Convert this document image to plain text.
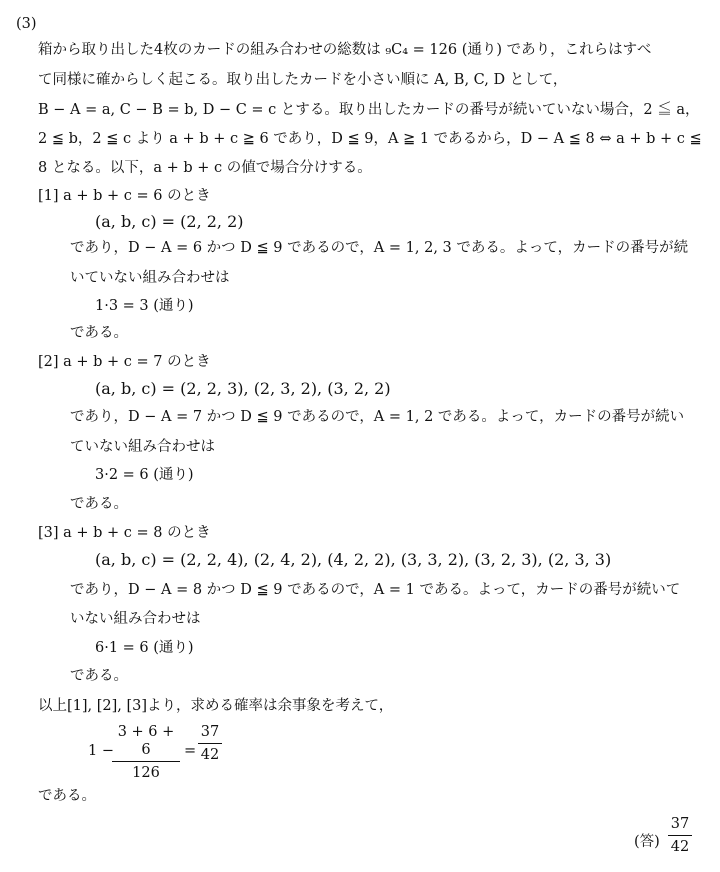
(3)
箱から取り出した4枚のカードの組み合わせの総数は ₉C₄ = 126 (通り) であり，これらはすべ
て同様に確からしく起こる。取り出したカードを小さい順に A, B, C, D として，
B − A = a, C − B = b, D − C = c とする。取り出したカードの番号が続いていない場合，2 ≦ a，
2 ≦ b，2 ≦ c より a + b + c ≧ 6 であり，D ≦ 9，A ≧ 1 であるから，D − A ≦ 8 ⇔ a + b + c ≦
8 となる。以下，a + b + c の値で場合分けする。
[1] a + b + c = 6 のとき
(a, b, c) = (2, 2, 2)
であり，D − A = 6 かつ D ≦ 9 であるので，A = 1, 2, 3 である。よって，カードの番号が続
いていない組み合わせは
1·3 = 3 (通り)
である。
[2] a + b + c = 7 のとき
(a, b, c) = (2, 2, 3), (2, 3, 2), (3, 2, 2)
であり，D − A = 7 かつ D ≦ 9 であるので，A = 1, 2 である。よって，カードの番号が続い
ていない組み合わせは
3·2 = 6 (通り)
である。
[3] a + b + c = 8 のとき
(a, b, c) = (2, 2, 4), (2, 4, 2), (4, 2, 2), (3, 3, 2), (3, 2, 3), (2, 3, 3)
であり，D − A = 8 かつ D ≦ 9 であるので，A = 1 である。よって，カードの番号が続いて
いない組み合わせは
6·1 = 6 (通り)
である。
以上[1], [2], [3]より，求める確率は余事象を考えて，
1 −
3 + 6 + 6
126
=
37
42
である。
(答)
37
42
